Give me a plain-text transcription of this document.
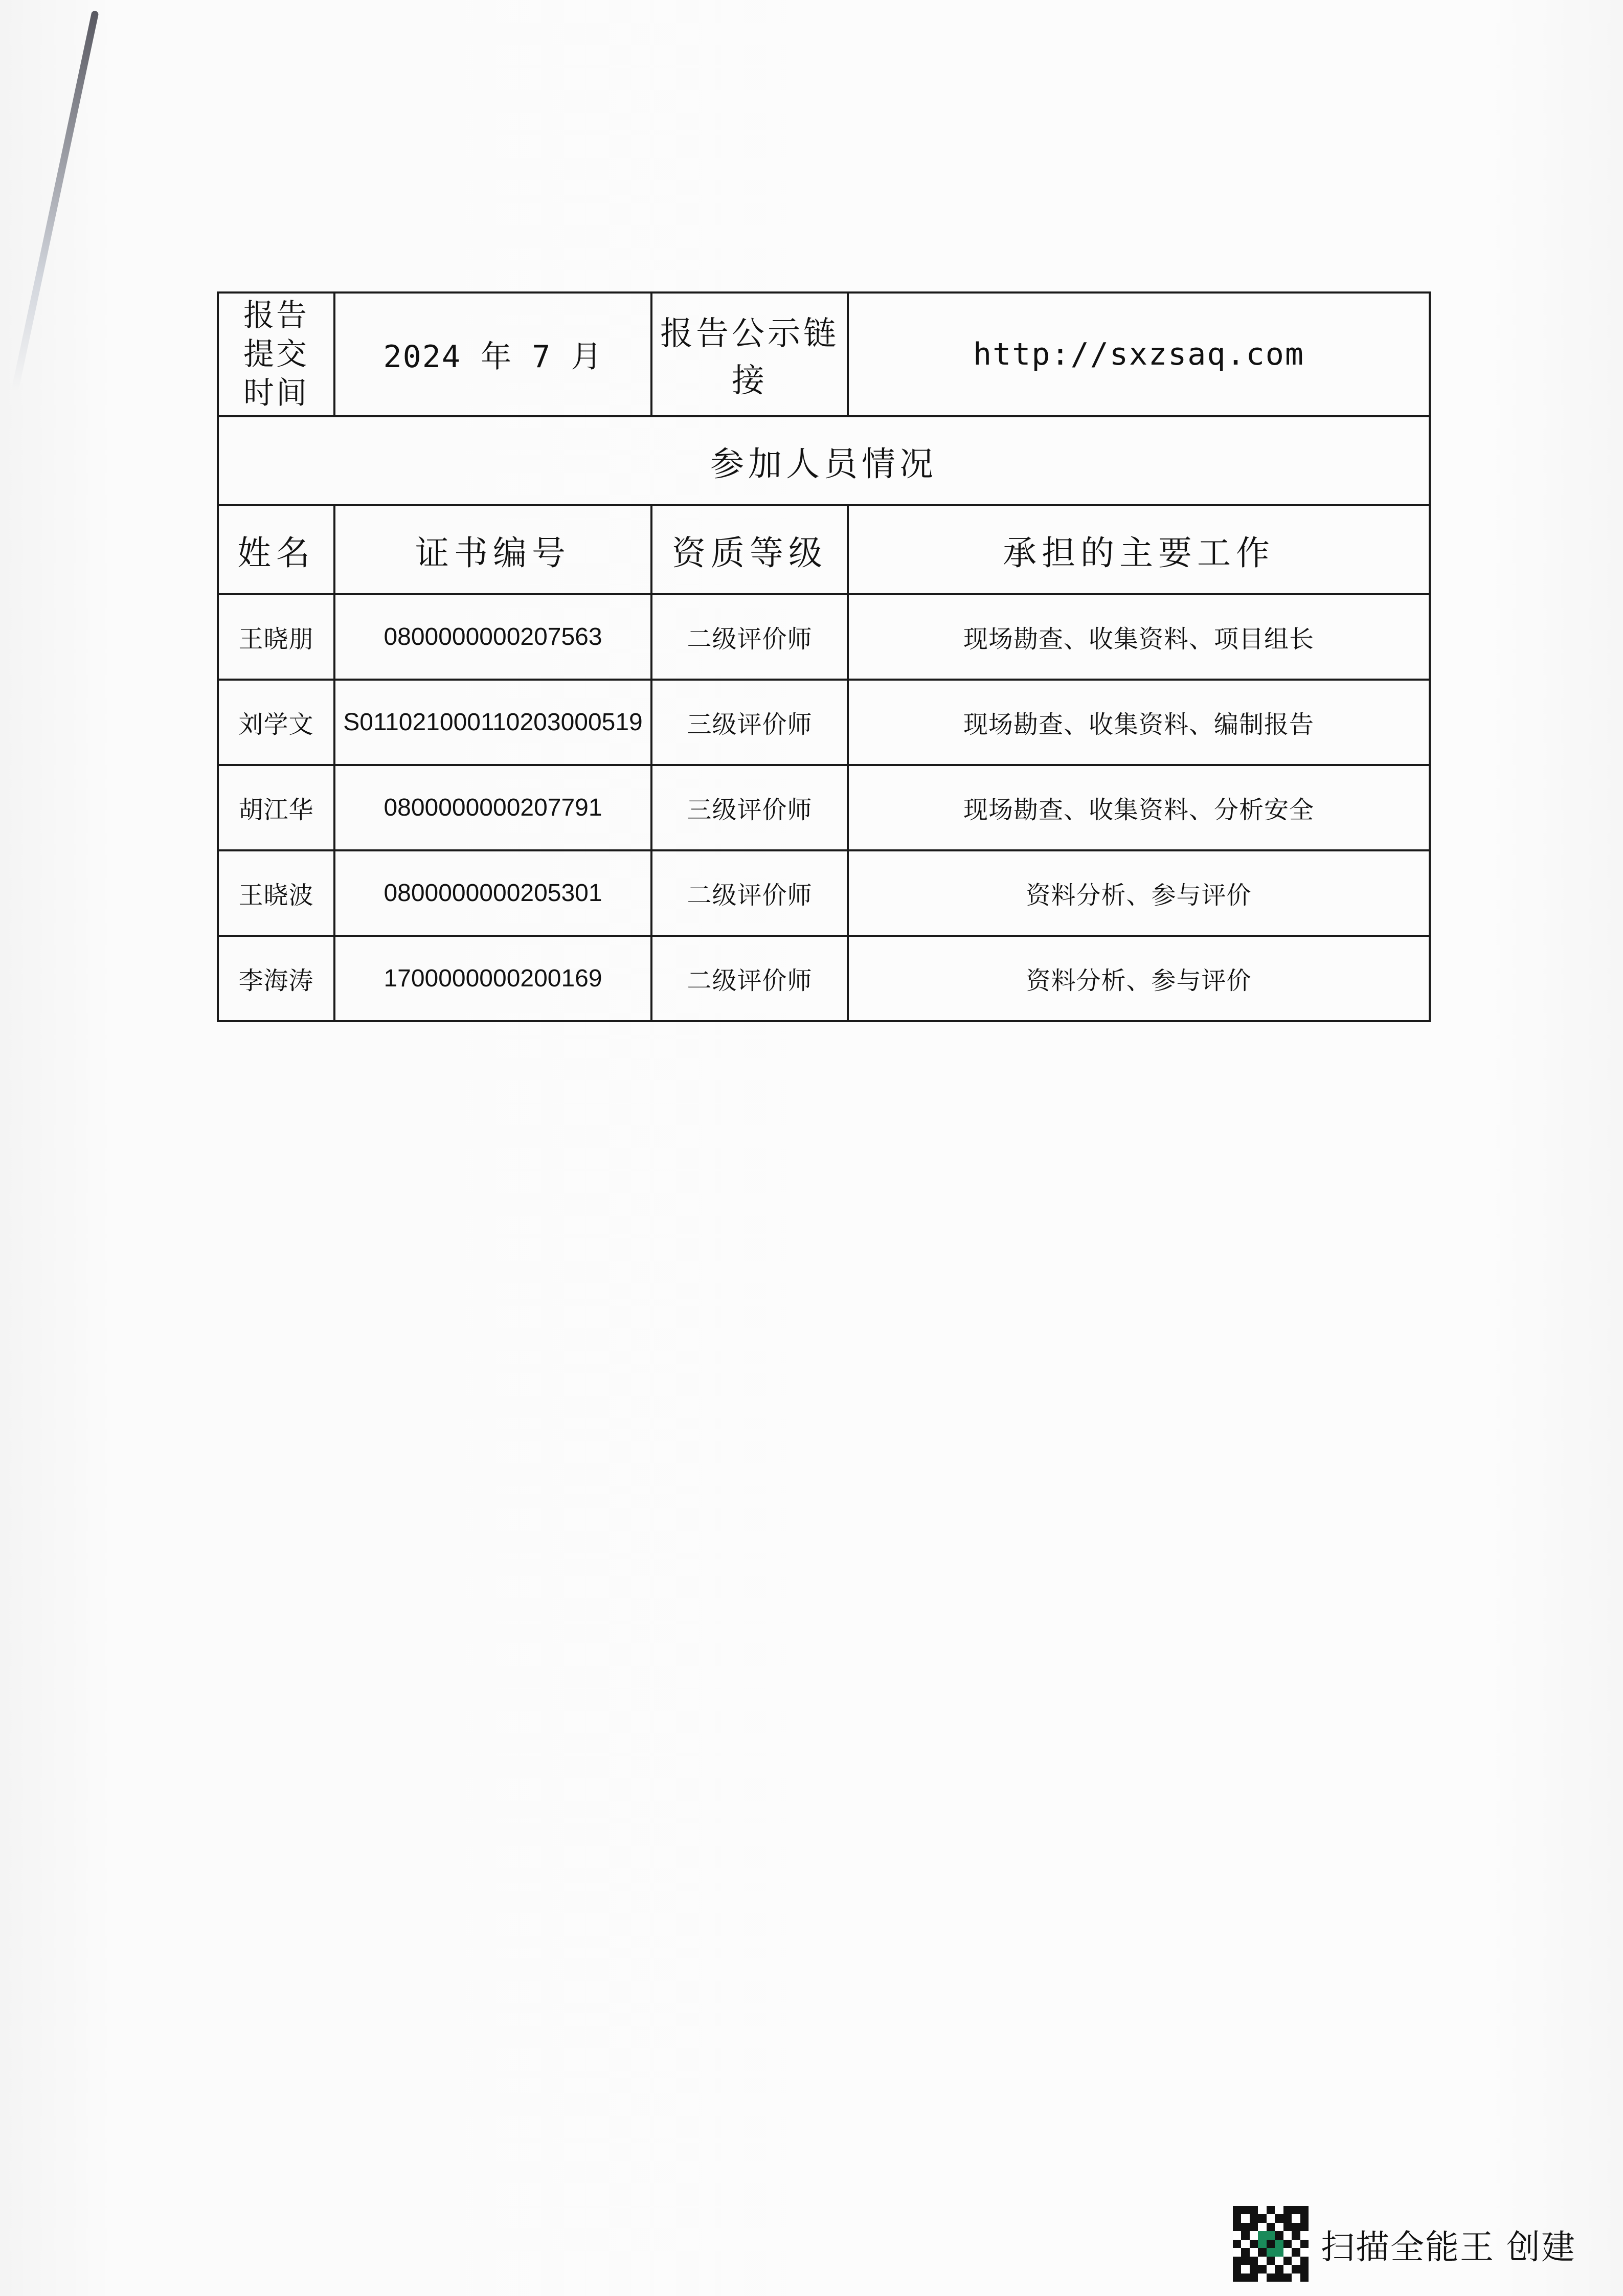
报告
提交
时间	2024 年 7 月	报告公示链接	http://sxzsaq.com
参加人员情况			
姓名	证书编号	资质等级	承担的主要工作
王晓朋	0800000000207563	二级评价师	现场勘查、收集资料、项目组长
刘学文	S011021000110203000519	三级评价师	现场勘查、收集资料、编制报告
胡江华	0800000000207791	三级评价师	现场勘查、收集资料、分析安全
王晓波	0800000000205301	二级评价师	资料分析、参与评价
李海涛	1700000000200169	二级评价师	资料分析、参与评价
扫描全能王 创建
